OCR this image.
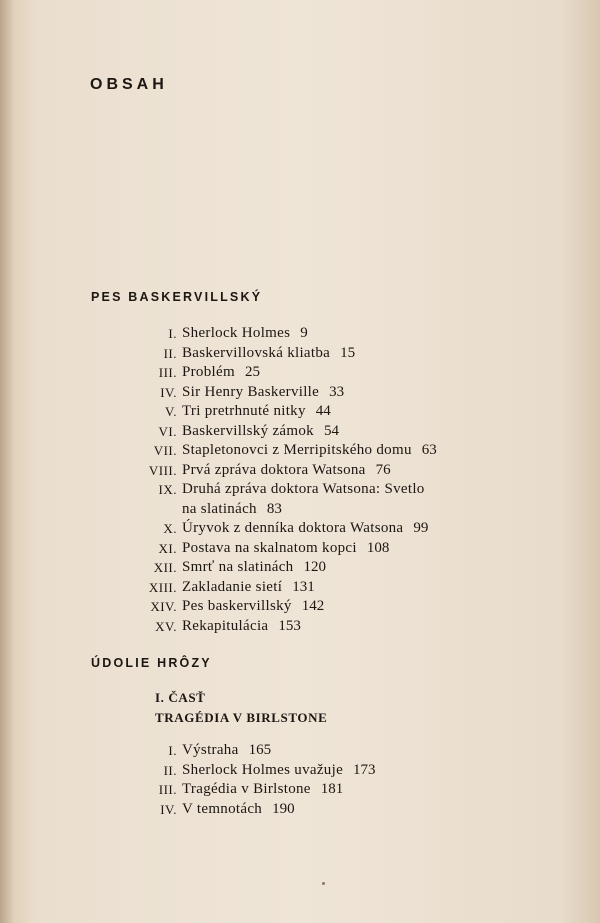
OBSAH
PES BASKERVILLSKÝ
I. Sherlock Holmes 9
II. Baskervillovská kliatba 15
III. Problém 25
IV. Sir Henry Baskerville 33
V. Tri pretrhnuté nitky 44
VI. Baskervillský zámok 54
VII. Stapletonovci z Merripitského domu 63
VIII. Prvá zpráva doktora Watsona 76
IX. Druhá zpráva doktora Watsona: Svetlo
na slatinách 83
X. Úryvok z denníka doktora Watsona 99
XI. Postava na skalnatom kopci 108
XII. Smrť na slatinách 120
XIII. Zakladanie sietí 131
XIV. Pes baskervillský 142
XV. Rekapitulácia 153
ÚDOLIE HRÔZY
I. ČASŤ
TRAGÉDIA V BIRLSTONE
I. Výstraha 165
II. Sherlock Holmes uvažuje 173
III. Tragédia v Birlstone 181
IV. V temnotách 190
